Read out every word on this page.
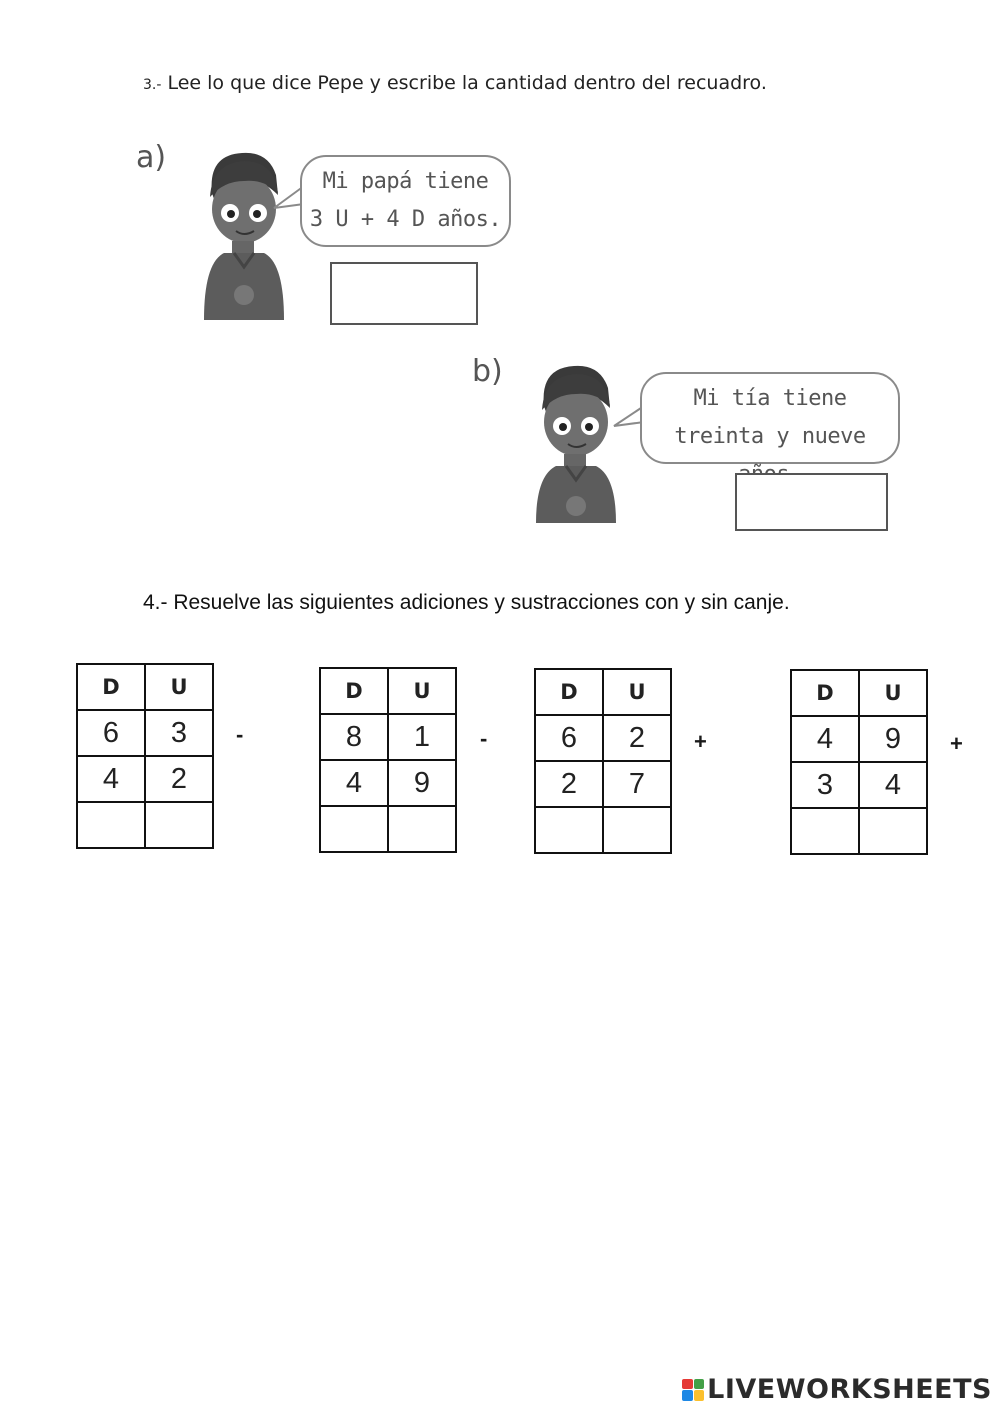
3.- Lee lo que dice Pepe y escribe la cantidad dentro del recuadro.
a)
Mi papá tiene
3 U + 4 D años.
b)
Mi tía tiene
treinta y nueve
4.- Resuelve las siguientes adiciones y sustracciones con y sin canje.
D	U
6	3
4	2

-
D	U
8	1
4	9

-
D	U
6	2
2	7

+
D	U
4	9
3	4

+
LIVEWORKSHEETS
